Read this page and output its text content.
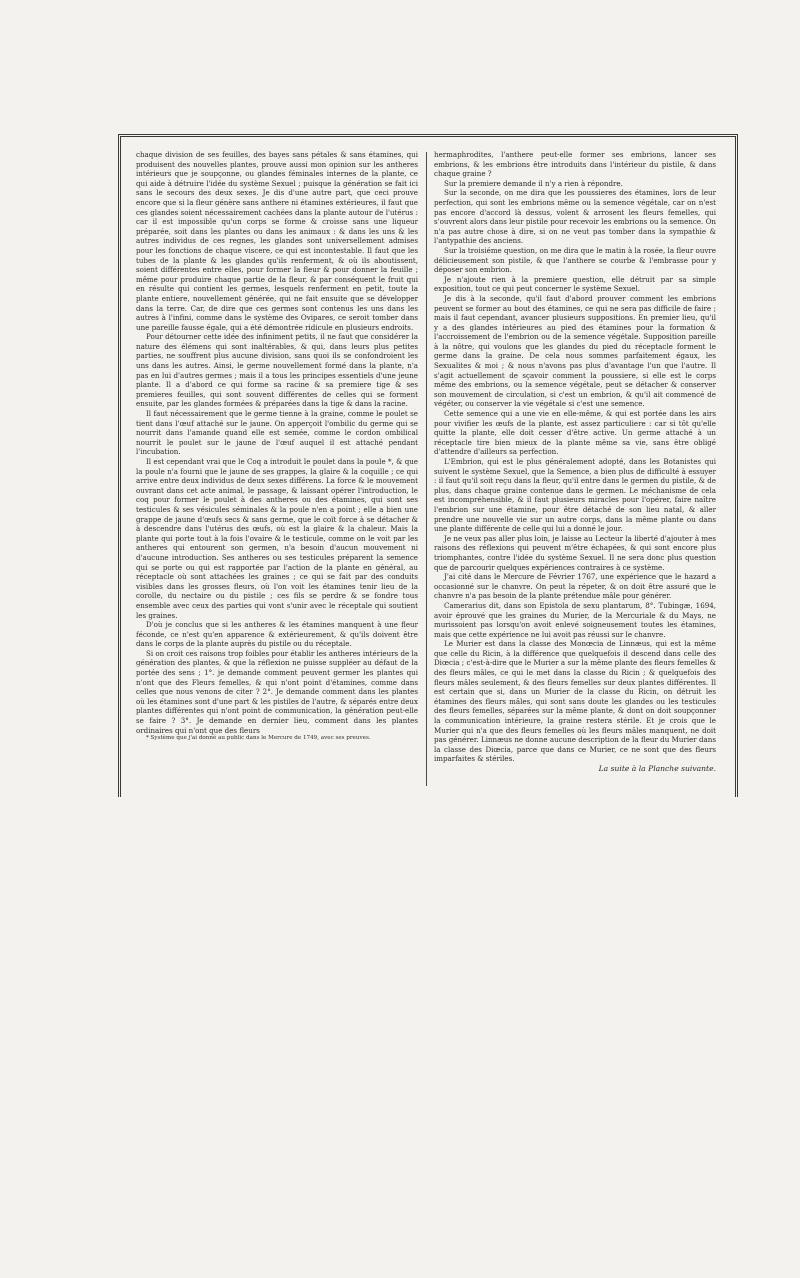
chaque division de ses feuilles, des bayes sans pétales & sans étamines, qui produisent des nouvelles plantes, prouve aussi mon opinion sur les antheres intérieurs que je soupçonne, ou glandes féminales internes de la plante, ce qui aide à détruire l'idée du système Sexuel ; puisque la génération se fait ici sans le secours des deux sexes. Je dis d'une autre part, que ceci prouve encore que si la fleur génère sans anthere ni étamines extérieures, il faut que ces glandes soient nécessairement cachées dans la plante autour de l'utérus : car il est impossible qu'un corps se forme & croisse sans une liqueur préparée, soit dans les plantes ou dans les animaux : & dans les uns & les autres individus de ces regnes, les glandes sont universellement admises pour les fonctions de chaque viscere, ce qui est incontestable. Il faut que les tubes de la plante & les glandes qu'ils renferment, & où ils aboutissent, soient différentes entre elles, pour former la fleur & pour donner la feuille ; même pour produire chaque partie de la fleur, & par conséquent le fruit qui en résulte qui contient les germes, lesquels renferment en petit, toute la plante entiere, nouvellement générée, qui ne fait ensuite que se développer dans la terre. Car, de dire que ces germes sont contenus les uns dans les autres à l'infini, comme dans le système des Ovipares, ce seroit tomber dans une pareille fausse égale, qui a été démontrée ridicule en plusieurs endroits.

Pour détourner cette idée des infiniment petits, il ne faut que considérer la nature des élémens qui sont inaltérables, & qui, dans leurs plus petites parties, ne souffrent plus aucune division, sans quoi ils se confondroient les uns dans les autres. Ainsi, le germe nouvellement formé dans la plante, n'a pas en lui d'autres germes ; mais il a tous les principes essentiels d'une jeune plante. Il a d'abord ce qui forme sa racine & sa premiere tige & ses premieres feuilles, qui sont souvent différentes de celles qui se forment ensuite, par les glandes formées & préparées dans la tige & dans la racine.

Il faut nécessairement que le germe tienne à la graine, comme le poulet se tient dans l'œuf attaché sur le jaune. On apperçoit l'ombilic du germe qui se nourrit dans l'amande quand elle est semée, comme le cordon ombilical nourrit le poulet sur le jaune de l'œuf auquel il est attaché pendant l'incubation.

Il est cependant vrai que le Coq a introduit le poulet dans la poule *, & que la poule n'a fourni que le jaune de ses grappes, la glaire & la coquille ; ce qui arrive entre deux individus de deux sexes différens. La force & le mouvement ouvrant dans cet acte animal, le passage, & laissant opérer l'introduction, le coq pour former le poulet à des antheres ou des étamines, qui sont ses testicules & ses vésicules séminales & la poule n'en a point ; elle a bien une grappe de jaune d'œufs secs & sans germe, que le coït force à se détacher & à descendre dans l'utérus des œufs, où est la glaire & la chaleur. Mais la plante qui porte tout à la fois l'ovaire & le testicule, comme on le voit par les antheres qui entourent son germen, n'a besoin d'aucun mouvement ni d'aucune introduction. Ses antheres ou ses testicules préparent la semence qui se porte ou qui est rapportée par l'action de la plante en général, au réceptacle où sont attachées les graines ; ce qui se fait par des conduits visibles dans les grosses fleurs, où l'on voit les étamines tenir lieu de la corolle, du nectaire ou du pistile ; ces fils se perdre & se fondre tous ensemble avec ceux des parties qui vont s'unir avec le réceptale qui soutient les graines.

D'où je conclus que si les antheres & les étamines manquent à une fleur féconde, ce n'est qu'en apparence & extérieurement, & qu'ils doivent être dans le corps de la plante auprès du pistile ou du réceptale.

Si on croit ces raisons trop foibles pour établir les antheres intérieurs de la génération des plantes, & que la réflexion ne puisse suppléer au défaut de la portée des sens ; 1°. je demande comment peuvent germer les plantes qui n'ont que des Fleurs femelles, & qui n'ont point d'étamines, comme dans celles que nous venons de citer ? 2°. Je demande comment dans les plantes où les étamines sont d'une part & les pistiles de l'autre, & séparés entre deux plantes différentes qui n'ont point de communication, la génération peut-elle se faire ? 3°. Je demande en dernier lieu, comment dans les plantes ordinaires qui n'ont que des fleurs

* Système que j'ai donné au public dans le Mercure de 1749, avec ses preuves.

hermaphrodites, l'anthere peut-elle former ses embrions, lancer ses embrions, & les embrions être introduits dans l'intérieur du pistile, & dans chaque graine ?

Sur la premiere demande il n'y a rien à répondre.

Sur la seconde, on me dira que les poussieres des étamines, lors de leur perfection, qui sont les embrions même ou la semence végétale, car on n'est pas encore d'accord là dessus, volent & arrosent les fleurs femelles, qui s'ouvrent alors dans leur pistile pour recevoir les embrions ou la semence. On n'a pas autre chose à dire, si on ne veut pas tomber dans la sympathie & l'antypathie des anciens.

Sur la troisiéme question, on me dira que le matin à la rosée, la fleur ouvre délicieusement son pistile, & que l'anthere se courbe & l'embrasse pour y déposer son embrion.

Je n'ajoute rien à la premiere question, elle détruit par sa simple exposition, tout ce qui peut concerner le système Sexuel.

Je dis à la seconde, qu'il faut d'abord prouver comment les embrions peuvent se former au bout des étamines, ce qui ne sera pas difficile de faire ; mais il faut cependant, avancer plusieurs suppositions. En premier lieu, qu'il y a des glandes intérieures au pied des étamines pour la formation & l'accroissement de l'embrion ou de la semence végétale. Supposition pareille à la nôtre, qui voulons que les glandes du pied du réceptacle forment le germe dans la graine. De cela nous sommes parfaitement égaux, les Sexualites & moi ; & nous n'avons pas plus d'avantage l'un que l'autre. Il s'agit actuellement de sçavoir comment la poussiere, si elle est le corps même des embrions, ou la semence végétale, peut se détacher & conserver son mouvement de circulation, si c'est un embrion, & qu'il ait commencé de végéter, ou conserver la vie végétale si c'est une semence.

Cette semence qui a une vie en elle-même, & qui est portée dans les airs pour vivifier les œufs de la plante, est assez particuliere : car si tôt qu'elle quitte la plante, elle doit cesser d'être active. Un germe attaché à un réceptacle tire bien mieux de la plante même sa vie, sans être obligé d'attendre d'ailleurs sa perfection.

L'Embrion, qui est le plus généralement adopté, dans les Botanistes qui suivent le système Sexuel, que la Semence, a bien plus de difficulté à essuyer : il faut qu'il soit reçu dans la fleur, qu'il entre dans le germen du pistile, & de plus, dans chaque graine contenue dans le germen. Le méchanisme de cela est incompréhensible, & il faut plusieurs miracles pour l'opérer, faire naître l'embrion sur une étamine, pour être détaché de son lieu natal, & aller prendre une nouvelle vie sur un autre corps, dans la même plante ou dans une plante différente de celle qui lui a donné le jour.

Je ne veux pas aller plus loin, je laisse au Lecteur la liberté d'ajouter à mes raisons des réflexions qui peuvent m'être échapées, & qui sont encore plus triomphantes, contre l'idée du système Sexuel. Il ne sera donc plus question que de parcourir quelques expériences contraires à ce système.

J'ai cité dans le Mercure de Février 1767, une expérience que le hazard a occasionné sur le chanvre. On peut la répeter, & on doit être assuré que le chanvre n'a pas besoin de la plante prétendue mâle pour générer.

Camerarius dit, dans son Epistola de sexu plantarum, 8°. Tubingæ, 1694, avoir éprouvé que les graines du Murier, de la Mercuriale & du Mays, ne murissoient pas lorsqu'on avoit enlevé soigneusement toutes les étamines, mais que cette expérience ne lui avoit pas réussi sur le chanvre.

Le Murier est dans la classe des Monœcia de Linnæus, qui est la même que celle du Ricin, à la différence que quelquefois il descend dans celle des Diœcia ; c'est-à-dire que le Murier a sur la même plante des fleurs femelles & des fleurs mâles, ce qui le met dans la classe du Ricin ; & quelquefois des fleurs mâles seulement, & des fleurs femelles sur deux plantes différentes. Il est certain que si, dans un Murier de la classe du Ricin, on détruit les étamines des fleurs mâles, qui sont sans doute les glandes ou les testicules des fleurs femelles, séparées sur la même plante, & dont on doit soupçonner la communication intérieure, la graine restera stérile. Et je crois que le Murier qui n'a que des fleurs femelles où les fleurs mâles manquent, ne doit pas générer. Linnæus ne donne aucune description de la fleur du Murier dans la classe des Diœcia, parce que dans ce Murier, ce ne sont que des fleurs imparfaites & stériles.

La suite à la Planche suivante.
